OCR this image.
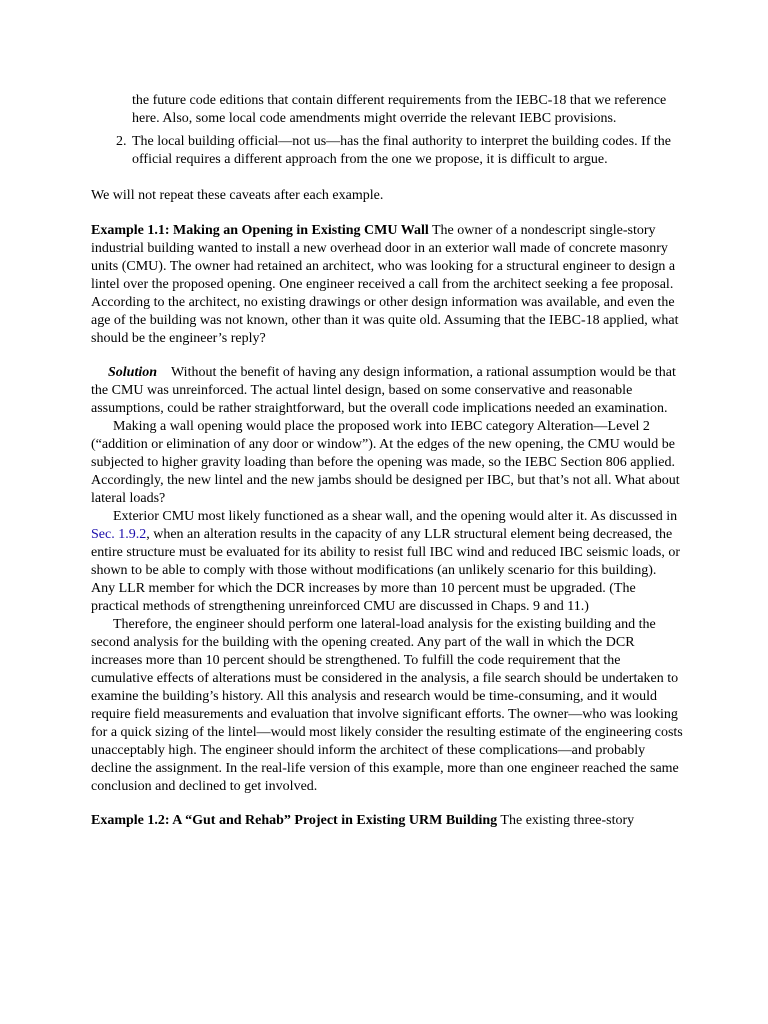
the future code editions that contain different requirements from the IEBC-18 that we reference here. Also, some local code amendments might override the relevant IEBC provisions.

2. The local building official—not us—has the final authority to interpret the building codes. If the official requires a different approach from the one we propose, it is difficult to argue.

We will not repeat these caveats after each example.

Example 1.1: Making an Opening in Existing CMU Wall The owner of a nondescript single-story industrial building wanted to install a new overhead door in an exterior wall made of concrete masonry units (CMU). The owner had retained an architect, who was looking for a structural engineer to design a lintel over the proposed opening. One engineer received a call from the architect seeking a fee proposal. According to the architect, no existing drawings or other design information was available, and even the age of the building was not known, other than it was quite old. Assuming that the IEBC-18 applied, what should be the engineer’s reply?

Solution Without the benefit of having any design information, a rational assumption would be that the CMU was unreinforced. The actual lintel design, based on some conservative and reasonable assumptions, could be rather straightforward, but the overall code implications needed an examination.

Making a wall opening would place the proposed work into IEBC category Alteration—Level 2 (“addition or elimination of any door or window”). At the edges of the new opening, the CMU would be subjected to higher gravity loading than before the opening was made, so the IEBC Section 806 applied. Accordingly, the new lintel and the new jambs should be designed per IBC, but that’s not all. What about lateral loads?

Exterior CMU most likely functioned as a shear wall, and the opening would alter it. As discussed in Sec. 1.9.2, when an alteration results in the capacity of any LLR structural element being decreased, the entire structure must be evaluated for its ability to resist full IBC wind and reduced IBC seismic loads, or shown to be able to comply with those without modifications (an unlikely scenario for this building). Any LLR member for which the DCR increases by more than 10 percent must be upgraded. (The practical methods of strengthening unreinforced CMU are discussed in Chaps. 9 and 11.)

Therefore, the engineer should perform one lateral-load analysis for the existing building and the second analysis for the building with the opening created. Any part of the wall in which the DCR increases more than 10 percent should be strengthened. To fulfill the code requirement that the cumulative effects of alterations must be considered in the analysis, a file search should be undertaken to examine the building’s history. All this analysis and research would be time-consuming, and it would require field measurements and evaluation that involve significant efforts. The owner—who was looking for a quick sizing of the lintel—would most likely consider the resulting estimate of the engineering costs unacceptably high. The engineer should inform the architect of these complications—and probably decline the assignment. In the real-life version of this example, more than one engineer reached the same conclusion and declined to get involved.

Example 1.2: A “Gut and Rehab” Project in Existing URM Building The existing three-story
